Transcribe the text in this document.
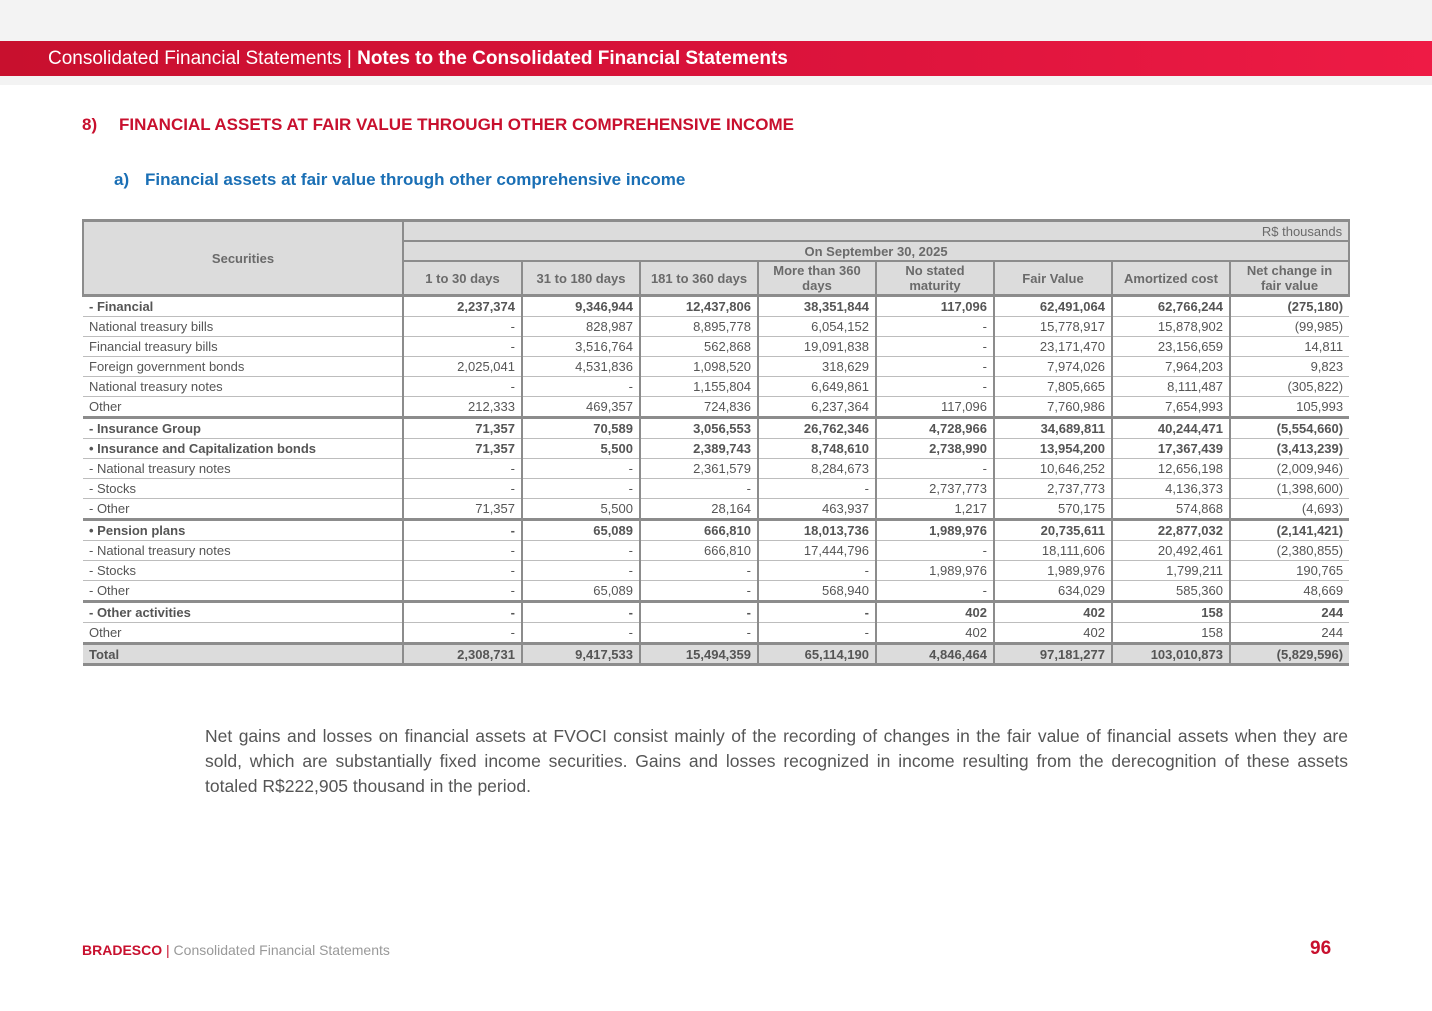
Consolidated Financial Statements | Notes to the Consolidated Financial Statements
8) FINANCIAL ASSETS AT FAIR VALUE THROUGH OTHER COMPREHENSIVE INCOME
a) Financial assets at fair value through other comprehensive income
Securities	R$ thousands							
	On September 30, 2025							
	1 to 30 days	31 to 180 days	181 to 360 days	More than 360 days	No stated maturity	Fair Value	Amortized cost	Net change in fair value
- Financial	2,237,374	9,346,944	12,437,806	38,351,844	117,096	62,491,064	62,766,244	(275,180)
National treasury bills	-	828,987	8,895,778	6,054,152	-	15,778,917	15,878,902	(99,985)
Financial treasury bills	-	3,516,764	562,868	19,091,838	-	23,171,470	23,156,659	14,811
Foreign government bonds	2,025,041	4,531,836	1,098,520	318,629	-	7,974,026	7,964,203	9,823
National treasury notes	-	-	1,155,804	6,649,861	-	7,805,665	8,111,487	(305,822)
Other	212,333	469,357	724,836	6,237,364	117,096	7,760,986	7,654,993	105,993
- Insurance Group	71,357	70,589	3,056,553	26,762,346	4,728,966	34,689,811	40,244,471	(5,554,660)
• Insurance and Capitalization bonds	71,357	5,500	2,389,743	8,748,610	2,738,990	13,954,200	17,367,439	(3,413,239)
- National treasury notes	-	-	2,361,579	8,284,673	-	10,646,252	12,656,198	(2,009,946)
- Stocks	-	-	-	-	2,737,773	2,737,773	4,136,373	(1,398,600)
- Other	71,357	5,500	28,164	463,937	1,217	570,175	574,868	(4,693)
• Pension plans	-	65,089	666,810	18,013,736	1,989,976	20,735,611	22,877,032	(2,141,421)
- National treasury notes	-	-	666,810	17,444,796	-	18,111,606	20,492,461	(2,380,855)
- Stocks	-	-	-	-	1,989,976	1,989,976	1,799,211	190,765
- Other	-	65,089	-	568,940	-	634,029	585,360	48,669
- Other activities	-	-	-	-	402	402	158	244
Other	-	-	-	-	402	402	158	244
Total	2,308,731	9,417,533	15,494,359	65,114,190	4,846,464	97,181,277	103,010,873	(5,829,596)
Net gains and losses on financial assets at FVOCI consist mainly of the recording of changes in the fair value of financial assets when they are sold, which are substantially fixed income securities. Gains and losses recognized in income resulting from the derecognition of these assets totaled R$222,905 thousand in the period.
BRADESCO | Consolidated Financial Statements	96
